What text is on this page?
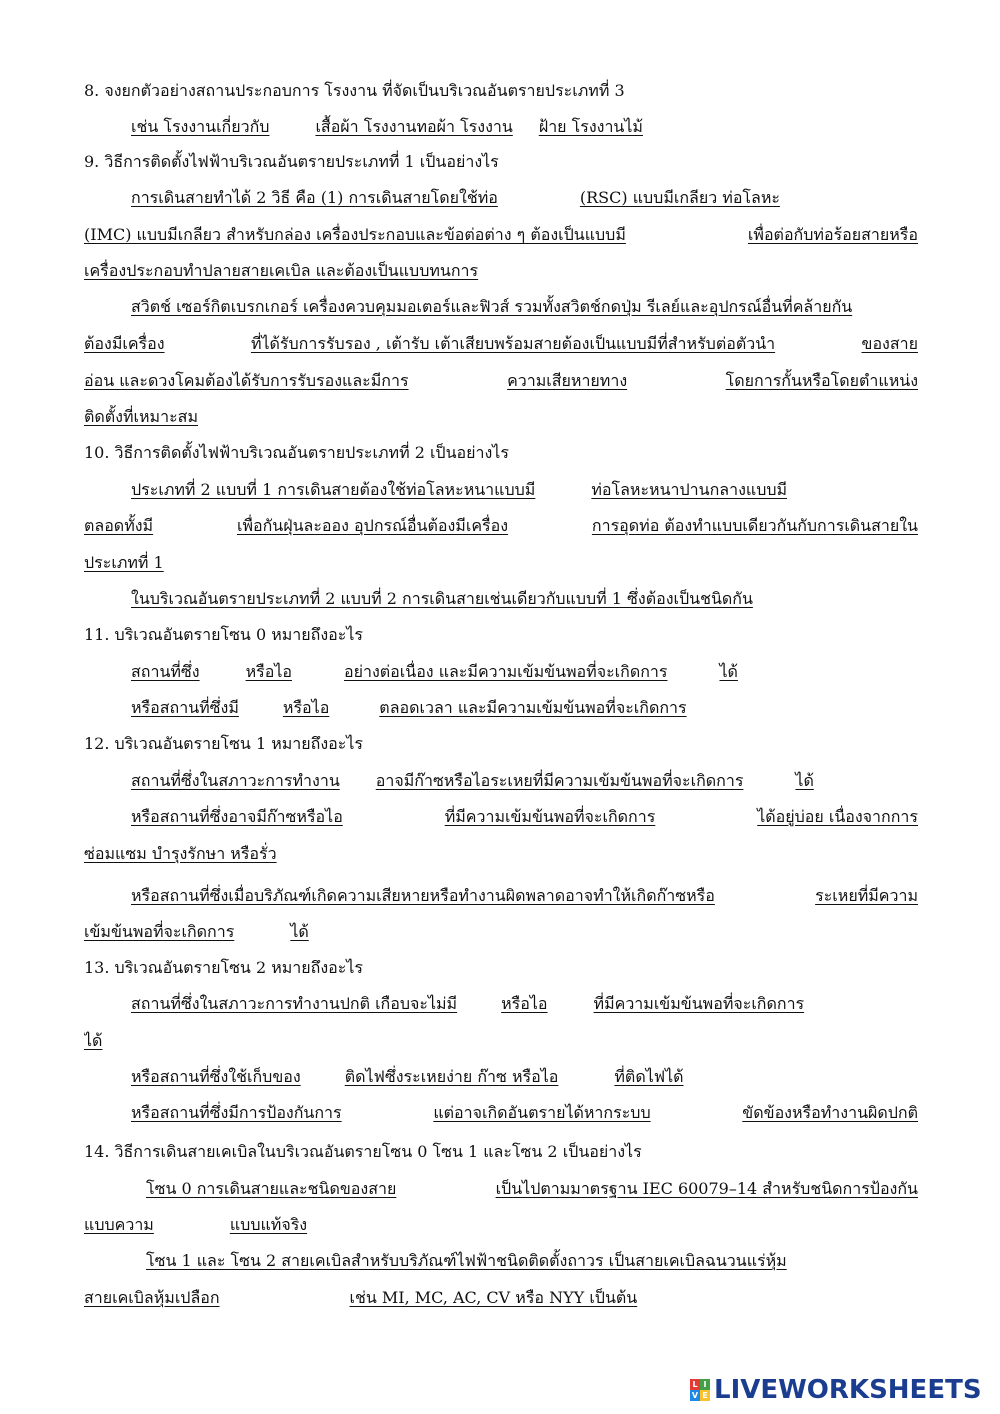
8. จงยกตัวอย่างสถานประกอบการ โรงงาน ที่จัดเป็นบริเวณอันตรายประเภทที่ 3
เช่น โรงงานเกี่ยวกับ	เสื้อผ้า โรงงานทอผ้า โรงงาน ฝ้าย โรงงานไม้
9. วิธีการติดตั้งไฟฟ้าบริเวณอันตรายประเภทที่ 1 เป็นอย่างไร
การเดินสายทำได้ 2 วิธี คือ (1) การเดินสายโดยใช้ท่อ	(RSC) แบบมีเกลียว ท่อโลหะ
(IMC) แบบมีเกลียว สำหรับกล่อง เครื่องประกอบและข้อต่อต่าง ๆ ต้องเป็นแบบมี	เพื่อต่อกับท่อร้อยสายหรือ
เครื่องประกอบทำปลายสายเคเบิล และต้องเป็นแบบทนการ
สวิตช์ เซอร์กิตเบรกเกอร์ เครื่องควบคุมมอเตอร์และฟิวส์ รวมทั้งสวิตช์กดปุ่ม รีเลย์และอุปกรณ์อื่นที่คล้ายกัน
ต้องมีเครื่อง	ที่ได้รับการรับรอง , เต้ารับ เต้าเสียบพร้อมสายต้องเป็นแบบมีที่สำหรับต่อตัวนำ	ของสาย
อ่อน และดวงโคมต้องได้รับการรับรองและมีการ	ความเสียหายทาง	โดยการกั้นหรือโดยตำแหน่ง
ติดตั้งที่เหมาะสม
10. วิธีการติดตั้งไฟฟ้าบริเวณอันตรายประเภทที่ 2 เป็นอย่างไร
ประเภทที่ 2 แบบที่ 1 การเดินสายต้องใช้ท่อโลหะหนาแบบมี	ท่อโลหะหนาปานกลางแบบมี
ตลอดทั้งมี	เพื่อกันฝุ่นละออง อุปกรณ์อื่นต้องมีเครื่อง	การอุดท่อ ต้องทำแบบเดียวกันกับการเดินสายใน
ประเภทที่ 1
ในบริเวณอันตรายประเภทที่ 2 แบบที่ 2 การเดินสายเช่นเดียวกับแบบที่ 1 ซึ่งต้องเป็นชนิดกัน
11. บริเวณอันตรายโซน 0 หมายถึงอะไร
สถานที่ซึ่ง	หรือไอ	อย่างต่อเนื่อง และมีความเข้มข้นพอที่จะเกิดการ	ได้
หรือสถานที่ซึ่งมี	หรือไอ	ตลอดเวลา และมีความเข้มข้นพอที่จะเกิดการ
12. บริเวณอันตรายโซน 1 หมายถึงอะไร
สถานที่ซึ่งในสภาวะการทำงาน อาจมีก๊าซหรือไอระเหยที่มีความเข้มข้นพอที่จะเกิดการ	ได้
หรือสถานที่ซึ่งอาจมีก๊าซหรือไอ	ที่มีความเข้มข้นพอที่จะเกิดการ	ได้อยู่บ่อย เนื่องจากการ
ซ่อมแซม บำรุงรักษา หรือรั่ว
หรือสถานที่ซึ่งเมื่อบริภัณฑ์เกิดความเสียหายหรือทำงานผิดพลาดอาจทำให้เกิดก๊าซหรือ	ระเหยที่มีความ
เข้มข้นพอที่จะเกิดการ	ได้
13. บริเวณอันตรายโซน 2 หมายถึงอะไร
สถานที่ซึ่งในสภาวะการทำงานปกติ เกือบจะไม่มี	หรือไอ	ที่มีความเข้มข้นพอที่จะเกิดการ
ได้
หรือสถานที่ซึ่งใช้เก็บของ	ติดไฟซึ่งระเหยง่าย ก๊าซ หรือไอ	ที่ติดไฟได้
หรือสถานที่ซึ่งมีการป้องกันการ	แต่อาจเกิดอันตรายได้หากระบบ	ขัดข้องหรือทำงานผิดปกติ
14. วิธีการเดินสายเคเบิลในบริเวณอันตรายโซน 0 โซน 1 และโซน 2 เป็นอย่างไร
โซน 0 การเดินสายและชนิดของสาย	เป็นไปตามมาตรฐาน IEC 60079–14 สำหรับชนิดการป้องกัน
แบบความ	แบบแท้จริง
โซน 1 และ โซน 2 สายเคเบิลสำหรับบริภัณฑ์ไฟฟ้าชนิดติดตั้งถาวร เป็นสายเคเบิลฉนวนแร่หุ้ม
สายเคเบิลหุ้มเปลือก	เช่น MI, MC, AC, CV หรือ NYY เป็นต้น
L I
V E LIVEWORKSHEETS
